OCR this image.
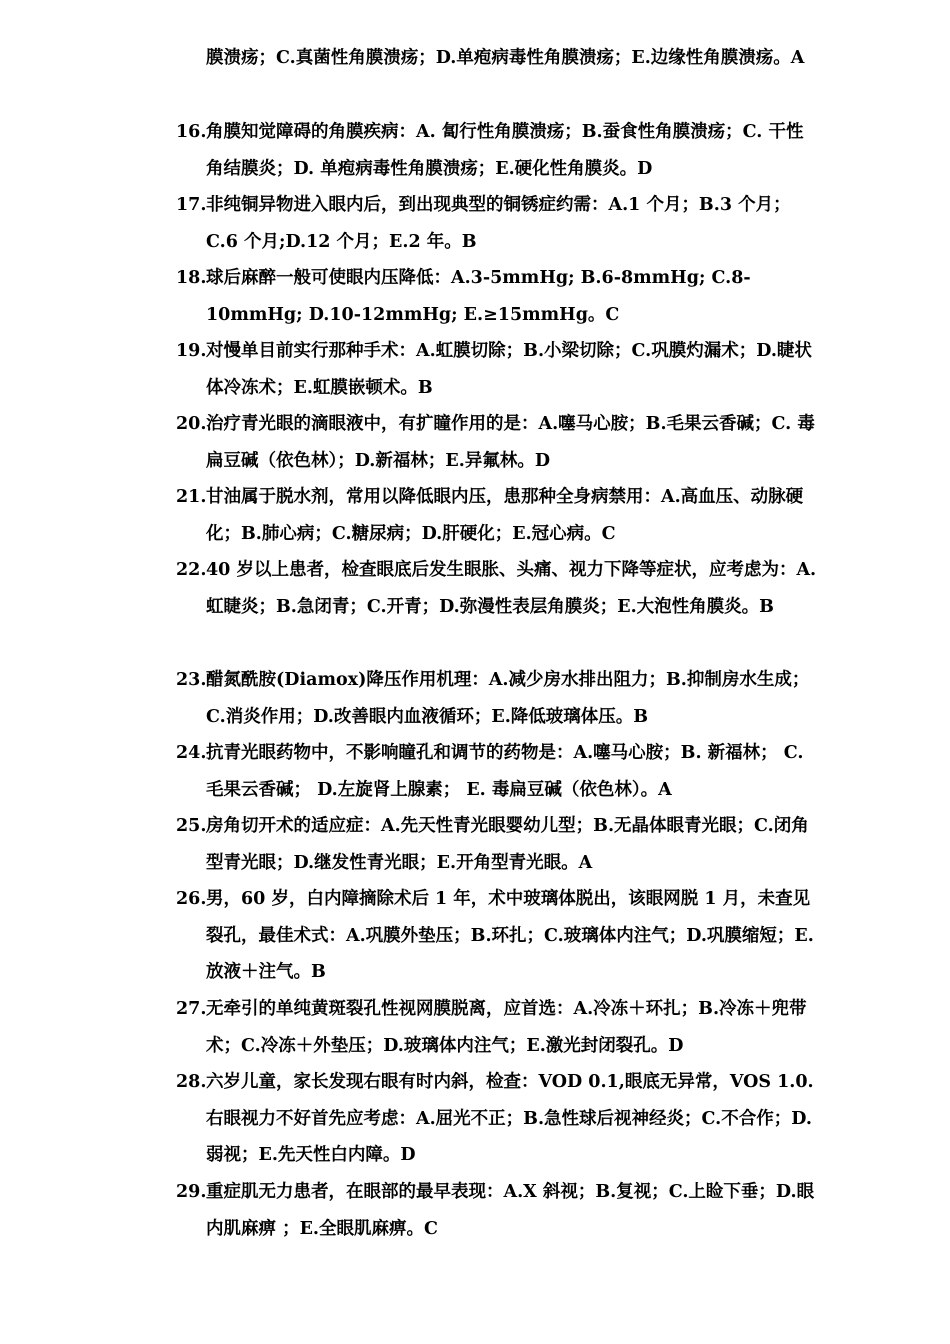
膜溃疡；C.真菌性角膜溃疡；D.单疱病毒性角膜溃疡；E.边缘性角膜溃疡。A
16. 角膜知觉障碍的角膜疾病：A. 匐行性角膜溃疡；B.蚕食性角膜溃疡；C. 干性角结膜炎；D. 单疱病毒性角膜溃疡；E.硬化性角膜炎。D
17. 非纯铜异物进入眼内后，到出现典型的铜锈症约需：A.1 个月；B.3 个月；C.6 个月;D.12 个月；E.2 年。B
18. 球后麻醉一般可使眼内压降低：A.3-5mmHg; B.6-8mmHg; C.8-10mmHg; D.10-12mmHg; E.≥15mmHg。C
19. 对慢单目前实行那种手术：A.虹膜切除；B.小梁切除；C.巩膜灼漏术；D.睫状体冷冻术；E.虹膜嵌顿术。B
20. 治疗青光眼的滴眼液中，有扩瞳作用的是：A.噻马心胺；B.毛果云香碱；C. 毒扁豆碱（依色林）；D.新福林；E.异氟林。D
21. 甘油属于脱水剂，常用以降低眼内压，患那种全身病禁用：A.高血压、动脉硬化；B.肺心病；C.糖尿病；D.肝硬化；E.冠心病。C
22. 40 岁以上患者，检查眼底后发生眼胀、头痛、视力下降等症状，应考虑为：A.虹睫炎；B.急闭青；C.开青；D.弥漫性表层角膜炎；E.大泡性角膜炎。B
23. 醋氮酰胺(Diamox)降压作用机理：A.减少房水排出阻力；B.抑制房水生成；C.消炎作用；D.改善眼内血液循环；E.降低玻璃体压。B
24. 抗青光眼药物中，不影响瞳孔和调节的药物是：A.噻马心胺；B. 新福林； C. 毛果云香碱； D.左旋肾上腺素； E. 毒扁豆碱（依色林）。A
25. 房角切开术的适应症：A.先天性青光眼婴幼儿型；B.无晶体眼青光眼；C.闭角型青光眼；D.继发性青光眼；E.开角型青光眼。A
26. 男，60 岁，白内障摘除术后 1 年，术中玻璃体脱出，该眼网脱 1 月，未查见裂孔，最佳术式：A.巩膜外垫压；B.环扎；C.玻璃体内注气；D.巩膜缩短；E.放液＋注气。B
27. 无牵引的单纯黄斑裂孔性视网膜脱离，应首选：A.冷冻＋环扎；B.冷冻＋兜带术；C.冷冻＋外垫压；D.玻璃体内注气；E.激光封闭裂孔。D
28. 六岁儿童，家长发现右眼有时内斜，检查：VOD 0.1,眼底无异常，VOS 1.0.右眼视力不好首先应考虑：A.屈光不正；B.急性球后视神经炎；C.不合作；D.弱视；E.先天性白内障。D
29. 重症肌无力患者，在眼部的最早表现：A.X 斜视；B.复视；C.上睑下垂；D.眼内肌麻痹 ；E.全眼肌麻痹。C
